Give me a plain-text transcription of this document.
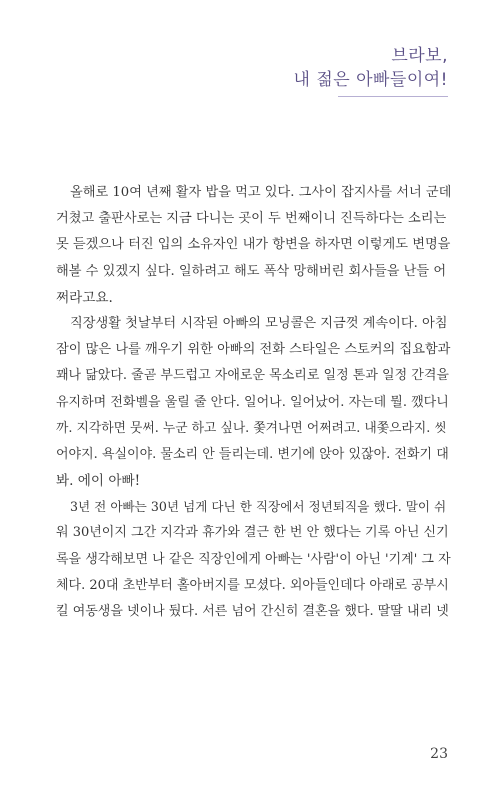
브라보,
내 젊은 아빠들이여!
올해로 10여 년째 활자 밥을 먹고 있다. 그사이 잡지사를 서너 군데
거쳤고 출판사로는 지금 다니는 곳이 두 번째이니 진득하다는 소리는
못 듣겠으나 터진 입의 소유자인 내가 항변을 하자면 이렇게도 변명을
해볼 수 있겠지 싶다. 일하려고 해도 폭삭 망해버린 회사들을 난들 어
쩌라고요.
직장생활 첫날부터 시작된 아빠의 모닝콜은 지금껏 계속이다. 아침
잠이 많은 나를 깨우기 위한 아빠의 전화 스타일은 스토커의 집요함과
꽤나 닮았다. 줄곧 부드럽고 자애로운 목소리로 일정 톤과 일정 간격을
유지하며 전화벨을 울릴 줄 안다. 일어나. 일어났어. 자는데 뭘. 깼다니
까. 지각하면 뭇써. 누군 하고 싶나. 쫓겨나면 어쩌려고. 내쫓으라지. 씻
어야지. 욕실이야. 물소리 안 들리는데. 변기에 앉아 있잖아. 전화기 대
봐. 에이 아빠!
3년 전 아빠는 30년 넘게 다닌 한 직장에서 정년퇴직을 했다. 말이 쉬
워 30년이지 그간 지각과 휴가와 결근 한 번 안 했다는 기록 아닌 신기
록을 생각해보면 나 같은 직장인에게 아빠는 '사람'이 아닌 '기계' 그 자
체다. 20대 초반부터 홀아버지를 모셨다. 외아들인데다 아래로 공부시
킬 여동생을 넷이나 뒀다. 서른 넘어 간신히 결혼을 했다. 딸딸 내리 넷
23
